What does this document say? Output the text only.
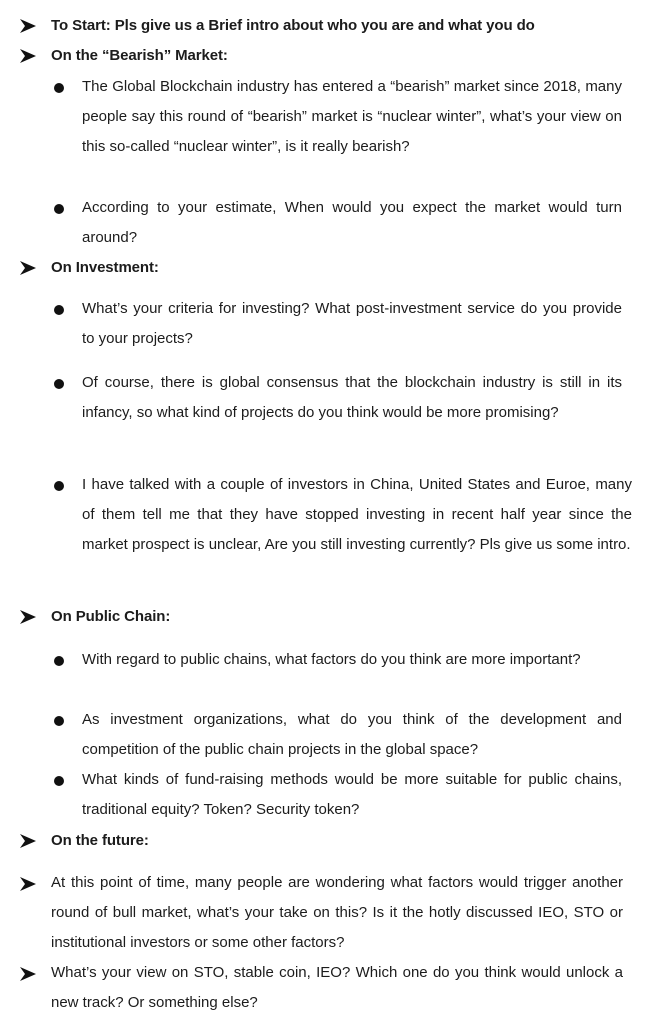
To Start: Pls give us a Brief intro about who you are and what you do
On the “Bearish” Market:
The Global Blockchain industry has entered a “bearish” market since 2018, many people say this round of “bearish” market is “nuclear winter”, what’s your view on this so-called “nuclear winter”, is it really bearish?
According to your estimate, When would you expect the market would turn around?
On Investment:
What’s your criteria for investing? What post-investment service do you provide to your projects?
Of course, there is global consensus that the blockchain industry is still in its infancy, so what kind of projects do you think would be more promising?
I have talked with a couple of investors in China, United States and Euroe, many of them tell me that they have stopped investing in recent half year since the market prospect is unclear, Are you still investing currently? Pls give us some intro.
On Public Chain:
With regard to public chains, what factors do you think are more important?
As investment organizations, what do you think of the development and competition of the public chain projects in the global space?
What kinds of fund-raising methods would be more suitable for public chains, traditional equity? Token? Security token?
On the future:
At this point of time, many people are wondering what factors would trigger another round of bull market, what’s your take on this? Is it the hotly discussed IEO, STO or institutional investors or some other factors?
What’s your view on STO, stable coin, IEO? Which one do you think would unlock a new track? Or something else?
